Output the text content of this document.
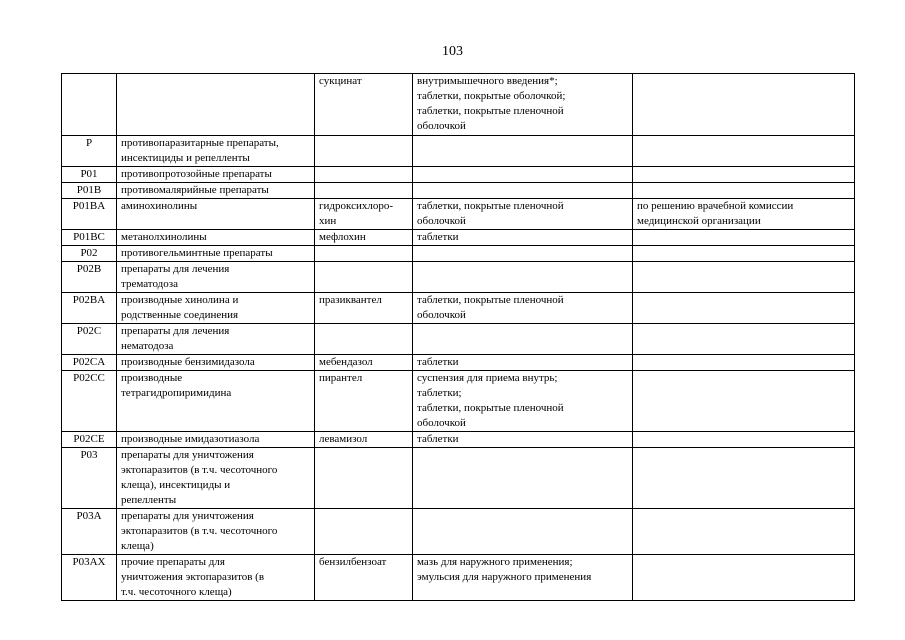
103

		сукцинат	внутримышечного введения*;
таблетки, покрытые оболочкой;
таблетки, покрытые пленочной
оболочкой	

P	противопаразитарные препараты,
инсектициды и репелленты			

P01	противопротозойные препараты			

P01B	противомалярийные препараты			

P01BA	аминохинолины	гидроксихлоро-
хин	таблетки, покрытые пленочной
оболочкой	по решению врачебной комиссии
медицинской организации

P01BC	метанолхинолины	мефлохин	таблетки	

P02	противогельминтные препараты			

P02B	препараты для лечения
трематодоза			

P02BA	производные хинолина и
родственные соединения	празиквантел	таблетки, покрытые пленочной
оболочкой	

P02C	препараты для лечения
нематодоза			

P02CA	производные бензимидазола	мебендазол	таблетки	

P02CC	производные
тетрагидропиримидина	пирантел	суспензия для приема внутрь;
таблетки;
таблетки, покрытые пленочной
оболочкой	

P02CE	производные имидазотиазола	левамизол	таблетки	

P03	препараты для уничтожения
эктопаразитов (в т.ч. чесоточного
клеща), инсектициды и
репелленты			

P03A	препараты для уничтожения
эктопаразитов (в т.ч. чесоточного
клеща)			

P03AX	прочие препараты для
уничтожения эктопаразитов (в
т.ч. чесоточного клеща)	бензилбензоат	мазь для наружного применения;
эмульсия для наружного применения	
